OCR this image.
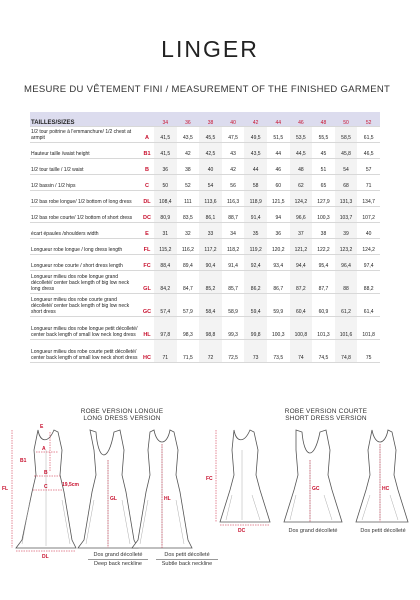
LINGER
MESURE DU VÊTEMENT FINI / MEASUREMENT OF THE FINISHED GARMENT
TAILLES/SIZES		34	36	38	40	42	44	46	48	50	52
1/2 tour poitrine à l'emmanchure/ 1/2 chest at armpit	A	41,5	43,5	45,5	47,5	49,5	51,5	53,5	55,5	58,5	61,5
Hauteur taille /waist height	B1	41,5	42	42,5	43	43,5	44	44,5	45	45,8	46,5
1/2 tour taille / 1/2 waist	B	36	38	40	42	44	46	48	51	54	57
1/2 bassin / 1/2 hips	C	50	52	54	56	58	60	62	65	68	71
1/2 bas robe longue/ 1/2 bottom of long dress	DL	108,4	111	113,6	116,3	118,9	121,5	124,2	127,9	131,3	134,7
1/2 bas robe courte/ 1/2 bottom of short dress	DC	80,9	83,5	86,1	88,7	91,4	94	96,6	100,3	103,7	107,2
écart épaules /shoulders width	E	31	32	33	34	35	36	37	38	39	40
Longueur robe longue / long dress length	FL	115,2	116,2	117,2	118,2	119,2	120,2	121,2	122,2	123,2	124,2
Longueur robe courte / short dress length	FC	88,4	89,4	90,4	91,4	92,4	93,4	94,4	95,4	96,4	97,4
Longueur milieu dos robe longue grand décolleté/ center back length of big low neck long dress	GL	84,2	84,7	85,2	85,7	86,2	86,7	87,2	87,7	88	88,2
Longueur milieu dos robe courte grand décolleté/ center back length of big low neck short dress	GC	57,4	57,9	58,4	58,9	59,4	59,9	60,4	60,9	61,2	61,4
Longueur milieu dos robe longue petit décolleté/ center back length of small low neck long dress	HL	97,8	98,3	98,8	99,3	99,8	100,3	100,8	101,3	101,6	101,8
Longueur milieu dos robe courte petit décolleté/ center back length of small low neck short dress	HC	71	71,5	72	72,5	73	73,5	74	74,5	74,8	75
ROBE VERSION LONGUE
LONG DRESS VERSION
ROBE VERSION COURTE
SHORT DRESS VERSION
A
B1
B
C	19,5cm
E
FL
DL
GL	HL
FC
DC
GC	HC
Dos grand décolleté
Deep back neckline
Dos petit décolleté
Subtle back neckline
Dos grand décolleté	Dos petit décolleté
